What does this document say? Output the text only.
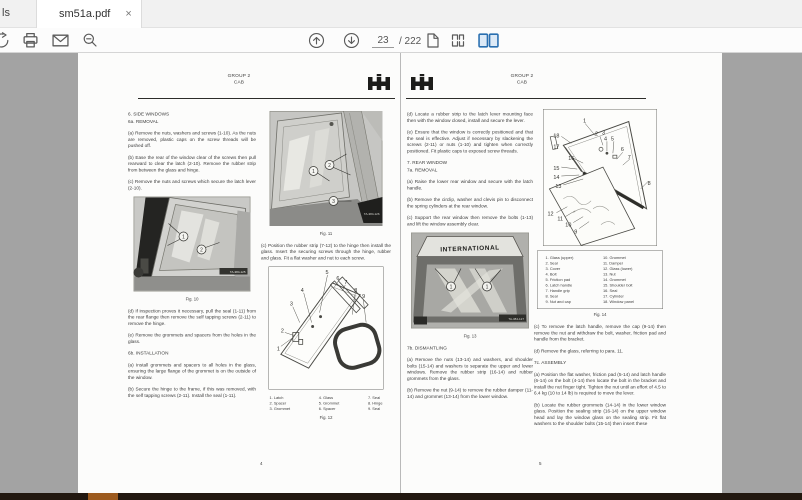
ls	sm51a.pdf ×
23
/ 222
GROUP 2
CAB
6. SIDE WINDOWS
6a. REMOVAL

(a) Remove the nuts, washers and screws (1-10). As the nuts are removed, plastic caps on the screw threads will be pushed off.

(b) Ease the rear of the window clear of the screws then pull rearward to clear the latch (2-10). Remove the rubber strip from between the glass and hinge.

(c) Remove the nuts and screws which secure the latch lever (2-10).

1
2
TA-384-125
Fig. 10

(d) If inspection proves it necessary, pull the seal (1-11) from the rear flange then remove the self tapping screws (2-11) to remove the hinge.

(e) Remove the grommets and spacers from the holes in the glass.

6b. INSTALLATION

(a) Install grommets and spacers to all holes in the glass, ensuring the large flange of the grommet is on the outside of the window.

(b) Secure the hinge to the frame, if this was removed, with the self tapping screws (2-11). Install the seal (1-11).

1
2
3
TA-384-126
Fig. 11

(c) Position the rubber strip (7-12) to the hinge then install the glass. Insert the securing screws through the hinge, rubber and glass. Fit a flat washer and nut to each screw.

1
2
3
4
5
6
7
8
9
1. Latch
2. Spacer
3. Grommet
4. Glass
5. Grommet
6. Spacer
7. Seal
8. Hinge
9. Seal
Fig. 12
4
GROUP 2
CAB

(d) Locate a rubber strip to the latch lever mounting face then with the window closed, install and secure the lever.

(e) Ensure that the window is correctly positioned and that the seal is effective. Adjust if necessary by slackening the screws (2-11) or nuts (1-10) and tighten when correctly positioned. Fit plastic caps to exposed screw threads.

7. REAR WINDOW
7a. REMOVAL

(a) Raise the lower rear window and secure with the latch handle.

(b) Remove the circlip, washer and clevis pin to disconnect the spring cylinders at the rear window.

(c) Support the rear window then remove the bolts (1-13) and lift the window assembly clear.

INTERNATIONAL
1	1
TA-384-127
Fig. 13
7b. DISMANTLING

(a) Remove the nuts (13-14) and washers, and shoulder bolts (15-14) and washers to separate the upper and lower windows. Remove the rubber strip (16-14) and rubber grommets from the glass.

(b) Remove the nut (9-14) to remove the rubber damper (11-14) and grommet (13-14) from the lower window.

1
2 3
4 5
6
7
8
9
10
11
12
13
14
15
16
17
18
1. Glass (upper)
2. Seal
3. Cover
4. Bolt
5. Friction pad
6. Latch handle
7. Handle grip
8. Seal
9. Nut and cap
10. Grommet
11. Damper
12. Glass (lower)
13. Nut
14. Grommet
15. Shoulder bolt
16. Seal
17. Cylinder
18. Window panel
Fig. 14

(c) To remove the latch handle, remove the cap (9-14) then remove the nut and withdraw the bolt, washer, friction pad and handle from the bracket.

(d) Remove the glass, referring to para. 11.

7c. ASSEMBLY

(a) Position the flat washer, friction pad (5-14) and latch handle (6-14) on the bolt (4-14) then locate the bolt in the bracket and install the nut finger tight. Tighten the nut until an effort of 4.5 to 6.4 kg (10 to 14 lb) is required to move the lever.

(b) Locate the rubber grommets (14-14) in the lower window glass. Position the sealing strip (16-14) on the upper window head and lay the window glass on the sealing strip. Fit flat washers to the shoulder bolts (15-14) then insert these

5
